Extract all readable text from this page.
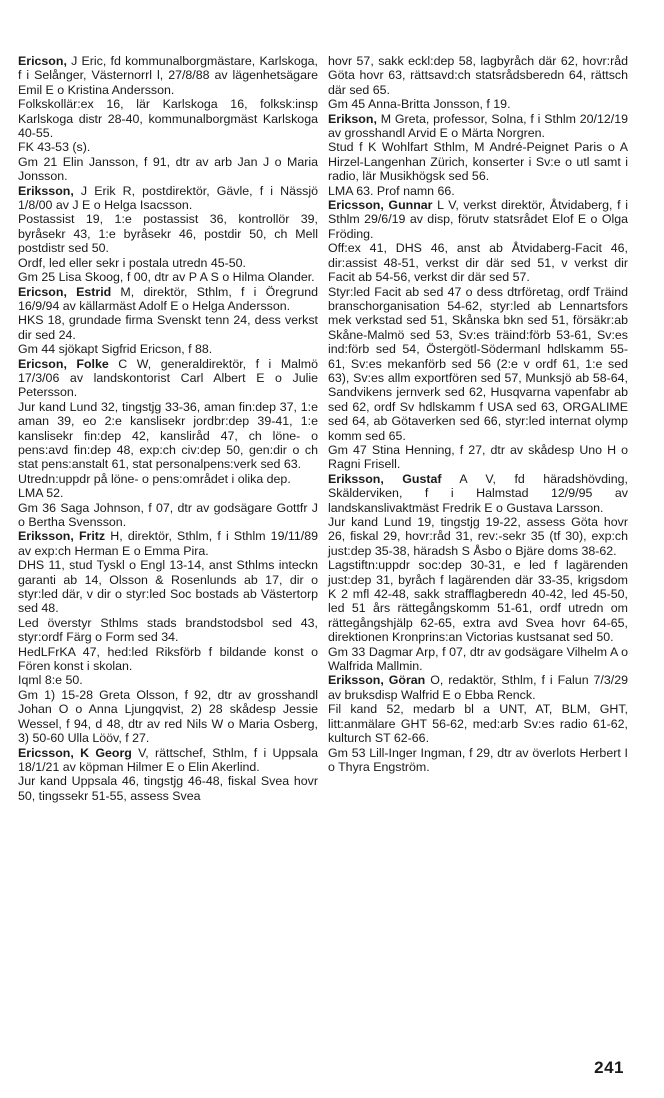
Ericson, J Eric, fd kommunalborgmästare, Karlskoga, f i Selånger, Västernorrl l, 27/8/88 av lägenhetsägare Emil E o Kristina Andersson.

Folkskollär:ex 16, lär Karlskoga 16, folksk:insp Karlskoga distr 28-40, kommunalborgmäst Karlskoga 40-55.

FK 43-53 (s).

Gm 21 Elin Jansson, f 91, dtr av arb Jan J o Maria Jonsson.

Eriksson, J Erik R, postdirektör, Gävle, f i Nässjö 1/8/00 av J E o Helga Isacsson.

Postassist 19, 1:e postassist 36, kontrollör 39, byråsekr 43, 1:e byråsekr 46, postdir 50, ch Mell postdistr sed 50.

Ordf, led eller sekr i postala utredn 45-50.

Gm 25 Lisa Skoog, f 00, dtr av P A S o Hilma Olander.

Ericson, Estrid M, direktör, Sthlm, f i Öregrund 16/9/94 av källarmäst Adolf E o Helga Andersson.

HKS 18, grundade firma Svenskt tenn 24, dess verkst dir sed 24.

Gm 44 sjökapt Sigfrid Ericson, f 88.

Ericson, Folke C W, generaldirektör, f i Malmö 17/3/06 av landskontorist Carl Albert E o Julie Petersson.

Jur kand Lund 32, tingstjg 33-36, aman fin:dep 37, 1:e aman 39, eo 2:e kanslisekr jordbr:dep 39-41, 1:e kanslisekr fin:dep 42, kansliråd 47, ch löne- o pens:avd fin:dep 48, exp:ch civ:dep 50, gen:dir o ch stat pens:anstalt 61, stat personalpens:verk sed 63.

Utredn:uppdr på löne- o pens:området i olika dep.

LMA 52.

Gm 36 Saga Johnson, f 07, dtr av godsägare Gottfr J o Bertha Svensson.

Eriksson, Fritz H, direktör, Sthlm, f i Sthlm 19/11/89 av exp:ch Herman E o Emma Pira.

DHS 11, stud Tyskl o Engl 13-14, anst Sthlms inteckn garanti ab 14, Olsson & Rosenlunds ab 17, dir o styr:led där, v dir o styr:led Soc bostads ab Västertorp sed 48.

Led överstyr Sthlms stads brandstodsbol sed 43, styr:ordf Färg o Form sed 34.

HedLFrKA 47, hed:led Riksförb f bildande konst o Fören konst i skolan.

Iqml 8:e 50.

Gm 1) 15-28 Greta Olsson, f 92, dtr av grosshandl Johan O o Anna Ljungqvist, 2) 28 skådesp Jessie Wessel, f 94, d 48, dtr av red Nils W o Maria Osberg, 3) 50-60 Ulla Lööv, f 27.

Ericsson, K Georg V, rättschef, Sthlm, f i Uppsala 18/1/21 av köpman Hilmer E o Elin Akerlind.

Jur kand Uppsala 46, tingstjg 46-48, fiskal Svea hovr 50, tingssekr 51-55, assess Svea

hovr 57, sakk eckl:dep 58, lagbyråch där 62, hovr:råd Göta hovr 63, rättsavd:ch statsrådsberedn 64, rättsch där sed 65.

Gm 45 Anna-Britta Jonsson, f 19.

Erikson, M Greta, professor, Solna, f i Sthlm 20/12/19 av grosshandl Arvid E o Märta Norgren.

Stud f K Wohlfart Sthlm, M André-Peignet Paris o A Hirzel-Langenhan Zürich, konserter i Sv:e o utl samt i radio, lär Musikhögsk sed 56.

LMA 63. Prof namn 66.

Ericsson, Gunnar L V, verkst direktör, Åtvidaberg, f i Sthlm 29/6/19 av disp, förutv statsrådet Elof E o Olga Fröding.

Off:ex 41, DHS 46, anst ab Åtvidaberg-Facit 46, dir:assist 48-51, verkst dir där sed 51, v verkst dir Facit ab 54-56, verkst dir där sed 57.

Styr:led Facit ab sed 47 o dess dtrföretag, ordf Träind branschorganisation 54-62, styr:led ab Lennartsfors mek verkstad sed 51, Skånska bkn sed 51, försäkr:ab Skåne-Malmö sed 53, Sv:es träind:förb 53-61, Sv:es ind:förb sed 54, Östergötl-Södermanl hdlskamm 55-61, Sv:es mekanförb sed 56 (2:e v ordf 61, 1:e sed 63), Sv:es allm exportfören sed 57, Munksjö ab 58-64, Sandvikens jernverk sed 62, Husqvarna vapenfabr ab sed 62, ordf Sv hdlskamm f USA sed 63, ORGALIME sed 64, ab Götaverken sed 66, styr:led internat olymp komm sed 65.

Gm 47 Stina Henning, f 27, dtr av skådesp Uno H o Ragni Frisell.

Eriksson, Gustaf A V, fd häradshövding, Skälderviken, f i Halmstad 12/9/95 av landskanslivaktmäst Fredrik E o Gustava Larsson.

Jur kand Lund 19, tingstjg 19-22, assess Göta hovr 26, fiskal 29, hovr:råd 31, rev:-sekr 35 (tf 30), exp:ch just:dep 35-38, häradsh S Åsbo o Bjäre doms 38-62.

Lagstiftn:uppdr soc:dep 30-31, e led f lagärenden just:dep 31, byråch f lagärenden där 33-35, krigsdom K 2 mfl 42-48, sakk strafflagberedn 40-42, led 45-50, led 51 års rättegångskomm 51-61, ordf utredn om rättegångshjälp 62-65, extra avd Svea hovr 64-65, direktionen Kronprins:an Victorias kustsanat sed 50.

Gm 33 Dagmar Arp, f 07, dtr av godsägare Vilhelm A o Walfrida Mallmin.

Eriksson, Göran O, redaktör, Sthlm, f i Falun 7/3/29 av bruksdisp Walfrid E o Ebba Renck.

Fil kand 52, medarb bl a UNT, AT, BLM, GHT, litt:anmälare GHT 56-62, med:arb Sv:es radio 61-62, kulturch ST 62-66.

Gm 53 Lill-Inger Ingman, f 29, dtr av överlots Herbert I o Thyra Engström.

241
